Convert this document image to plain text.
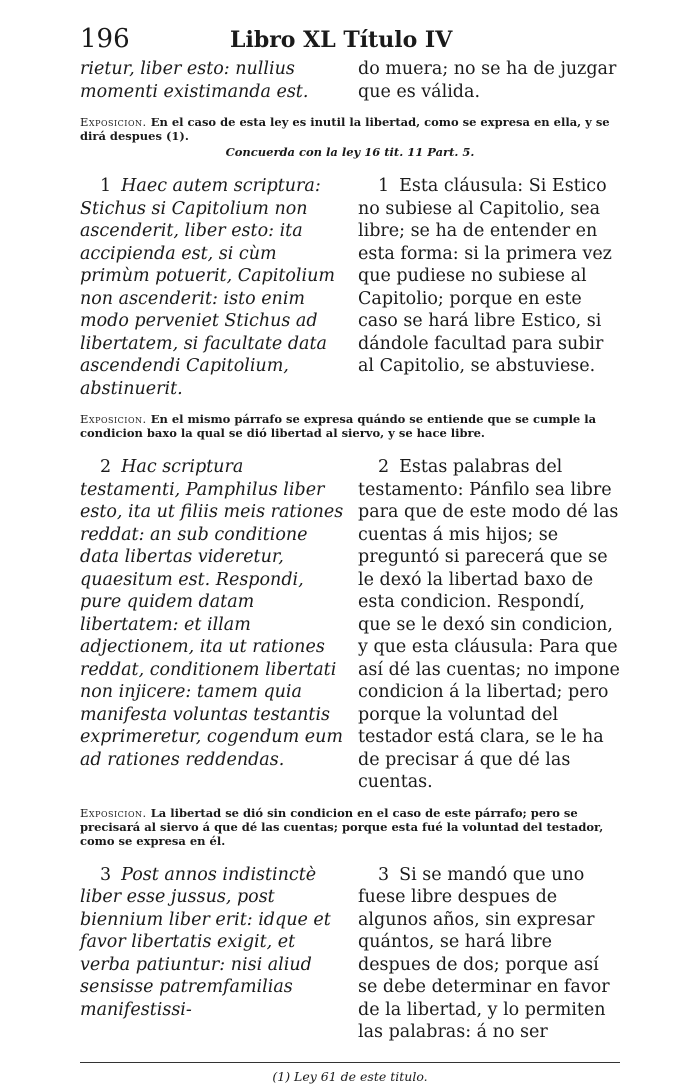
196	Libro XL Título IV

rietur, liber esto: nullius momenti existimanda est.

do muera; no se ha de juzgar que es válida.

Exposicion. En el caso de esta ley es inutil la libertad, como se expresa en ella, y se dirá despues (1).
Concuerda con la ley 16 tit. 11 Part. 5.

1 Haec autem scriptura: Stichus si Capitolium non ascenderit, liber esto: ita accipienda est, si cùm primùm potuerit, Capitolium non ascenderit: isto enim modo perveniet Stichus ad libertatem, si facultate data ascendendi Capitolium, abstinuerit.

1 Esta cláusula: Si Estico no subiese al Capitolio, sea libre; se ha de entender en esta forma: si la primera vez que pudiese no subiese al Capitolio; porque en este caso se hará libre Estico, si dándole facultad para subir al Capitolio, se abstuviese.

Exposicion. En el mismo párrafo se expresa quándo se entiende que se cumple la condicion baxo la qual se dió libertad al siervo, y se hace libre.

2 Hac scriptura testamenti, Pamphilus liber esto, ita ut filiis meis rationes reddat: an sub conditione data libertas videretur, quaesitum est. Respondi, pure quidem datam libertatem: et illam adjectionem, ita ut rationes reddat, conditionem libertati non injicere: tamem quia manifesta voluntas testantis exprimeretur, cogendum eum ad rationes reddendas.

2 Estas palabras del testamento: Pánfilo sea libre para que de este modo dé las cuentas á mis hijos; se preguntó si parecerá que se le dexó la libertad baxo de esta condicion. Respondí, que se le dexó sin condicion, y que esta cláusula: Para que así dé las cuentas; no impone condicion á la libertad; pero porque la voluntad del testador está clara, se le ha de precisar á que dé las cuentas.

Exposicion. La libertad se dió sin condicion en el caso de este párrafo; pero se precisará al siervo á que dé las cuentas; porque esta fué la voluntad del testador, como se expresa en él.

3 Post annos indistinctè liber esse jussus, post biennium liber erit: idque et favor libertatis exigit, et verba patiuntur: nisi aliud sensisse patremfamilias manifestissi-

3 Si se mandó que uno fuese libre despues de algunos años, sin expresar quántos, se hará libre despues de dos; porque así se debe determinar en favor de la libertad, y lo permiten las palabras: á no ser

(1) Ley 61 de este titulo.
